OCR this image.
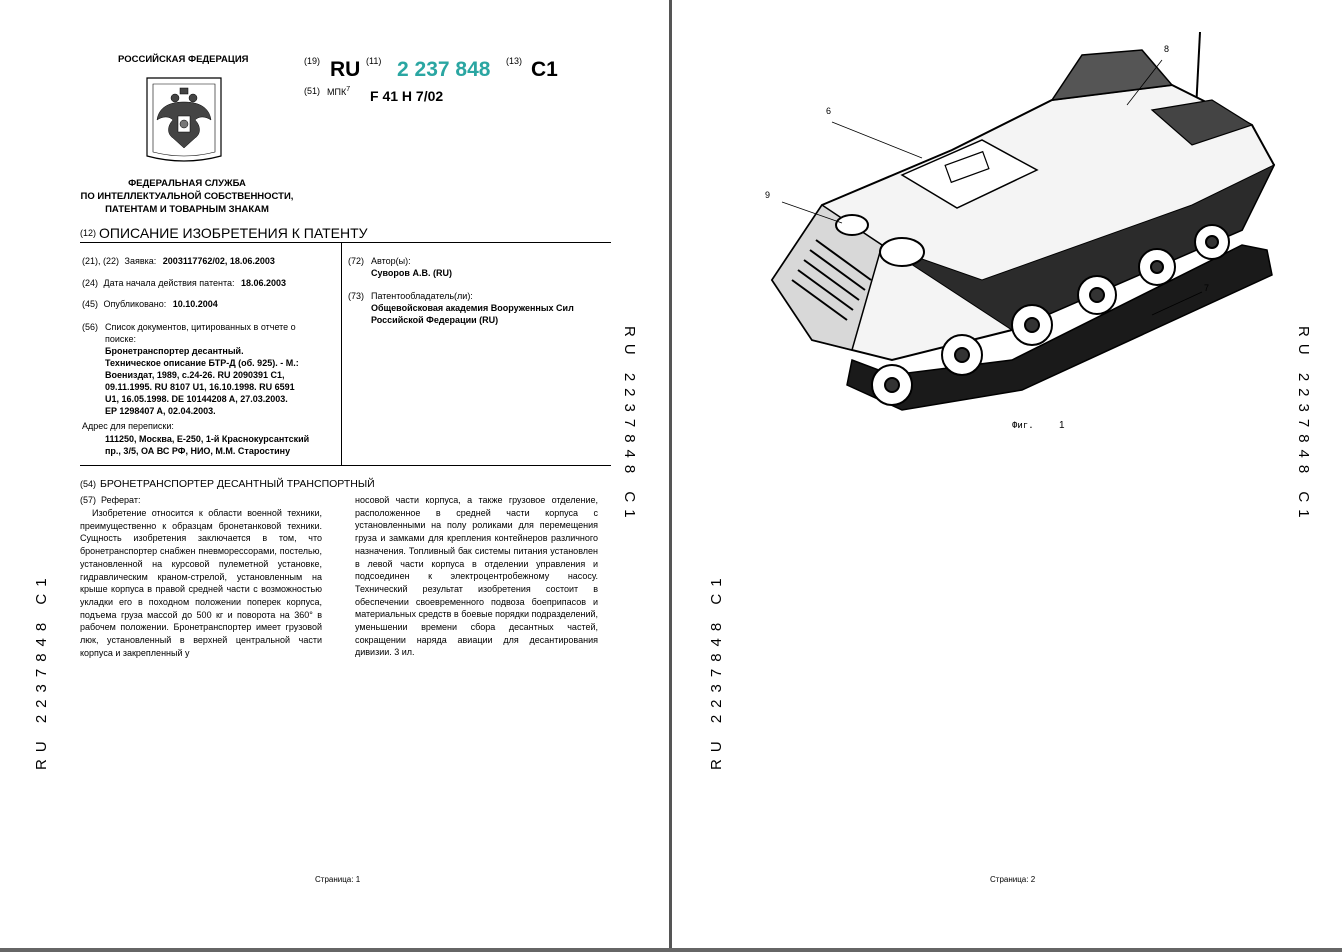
РОССИЙСКАЯ ФЕДЕРАЦИЯ
ФЕДЕРАЛЬНАЯ СЛУЖБА
ПО ИНТЕЛЛЕКТУАЛЬНОЙ СОБСТВЕННОСТИ,
ПАТЕНТАМ И ТОВАРНЫМ ЗНАКАМ
(19) RU (11) 2 237 848 (13) C1
(51) МПК$^7$ F 41 H 7/02
(12) ОПИСАНИЕ ИЗОБРЕТЕНИЯ К ПАТЕНТУ
(21), (22) Заявка: 2003117762/02, 18.06.2003
(24) Дата начала действия патента: 18.06.2003
(45) Опубликовано: 10.10.2004
(56) Список документов, цитированных в отчете о поиске:
Бронетранспортер десантный.
Техническое описание БТР-Д (об. 925). - М.:
Воениздат, 1989, с.24-26. RU 2090391 C1,
09.11.1995. RU 8107 U1, 16.10.1998. RU 6591
U1, 16.05.1998. DE 10144208 A, 27.03.2003.
EP 1298407 A, 02.04.2003.
Адрес для переписки:
111250, Москва, Е-250, 1-й Краснокурсантский
пр., 3/5, ОА ВС РФ, НИО, М.М. Старостину
(72) Автор(ы):
Суворов А.В. (RU)
(73) Патентообладатель(ли):
Общевойсковая академия Вооруженных Сил
Российской Федерации (RU)
(54) БРОНЕТРАНСПОРТЕР ДЕСАНТНЫЙ ТРАНСПОРТНЫЙ
(57) Реферат:

Изобретение относится к области военной техники, преимущественно к образцам бронетанковой техники. Сущность изобретения заключается в том, что бронетранспортер снабжен пневморессорами, постелью, установленной на курсовой пулеметной установке, гидравлическим краном-стрелой, установленным на крыше корпуса в правой средней части с возможностью укладки его в походном положении поперек корпуса, подъема груза массой до 500 кг и поворота на 360° в рабочем положении. Бронетранспортер имеет грузовой люк, установленный в верхней центральной части корпуса и закрепленный у

носовой части корпуса, а также грузовое отделение, расположенное в средней части корпуса с установленными на полу роликами для перемещения груза и замками для крепления контейнеров различного назначения. Топливный бак системы питания установлен в левой части корпуса в отделении управления и подсоединен к электроцентробежному насосу. Технический результат изобретения состоит в обеспечении своевременного подвоза боеприпасов и материальных средств в боевые порядки подразделений, уменьшении времени сбора десантных частей, сокращении наряда авиации для десантирования дивизии. 3 ил.
RU 2237848 C1
RU 2237848 C1
Страница: 1
6
8
9
7
Фиг.	1
RU 2237848 C1
RU 2237848 C1
Страница: 2
